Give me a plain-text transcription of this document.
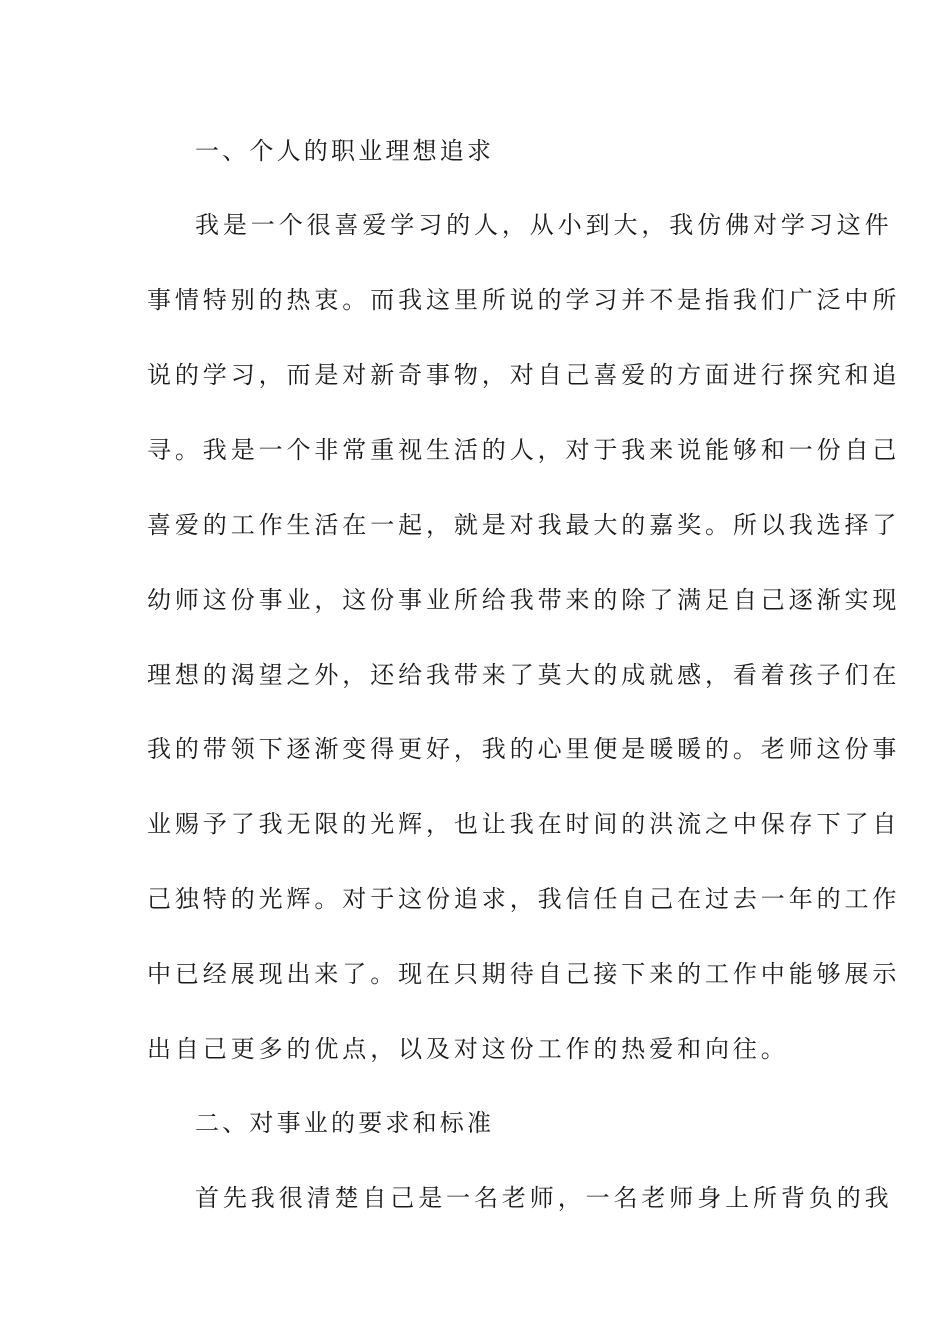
一、个人的职业理想追求
我是一个很喜爱学习的人，从小到大，我仿佛对学习这件
事情特别的热衷。而我这里所说的学习并不是指我们广泛中所
说的学习，而是对新奇事物，对自己喜爱的方面进行探究和追
寻。我是一个非常重视生活的人，对于我来说能够和一份自己
喜爱的工作生活在一起，就是对我最大的嘉奖。所以我选择了
幼师这份事业，这份事业所给我带来的除了满足自己逐渐实现
理想的渴望之外，还给我带来了莫大的成就感，看着孩子们在
我的带领下逐渐变得更好，我的心里便是暖暖的。老师这份事
业赐予了我无限的光辉，也让我在时间的洪流之中保存下了自
己独特的光辉。对于这份追求，我信任自己在过去一年的工作
中已经展现出来了。现在只期待自己接下来的工作中能够展示
出自己更多的优点，以及对这份工作的热爱和向往。
二、对事业的要求和标准
首先我很清楚自己是一名老师，一名老师身上所背负的我
